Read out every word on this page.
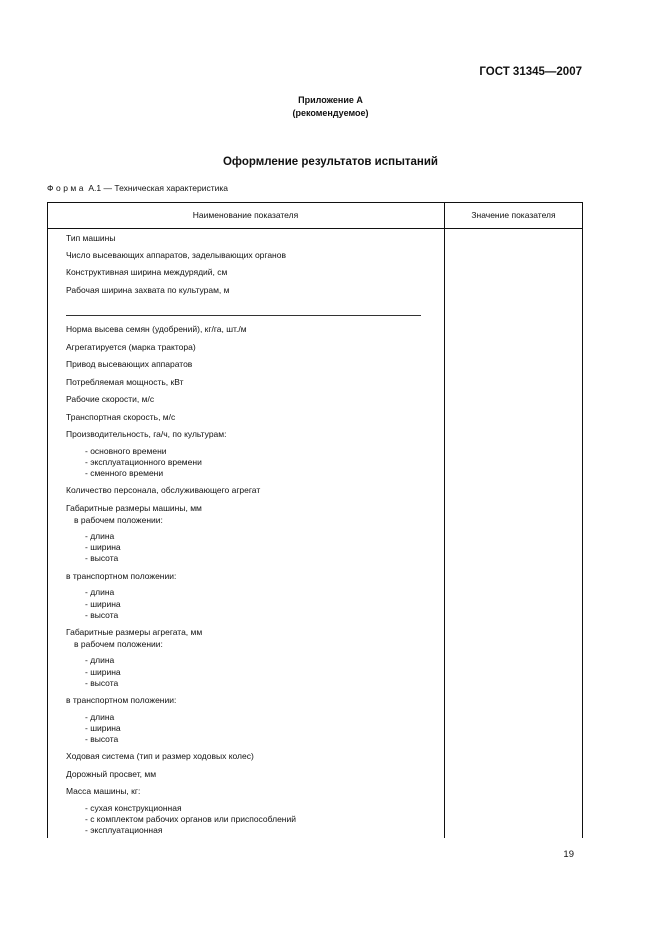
ГОСТ 31345—2007
Приложение А
(рекомендуемое)
Оформление результатов испытаний
Форма А.1 — Техническая характеристика
Наименование показателя	Значение показателя
Тип машины
Число высевающих аппаратов, заделывающих органов
Конструктивная ширина междурядий, см
Рабочая ширина захвата по культурам, м
Норма высева семян (удобрений), кг/га, шт./м
Агрегатируется (марка трактора)
Привод высевающих аппаратов
Потребляемая мощность, кВт
Рабочие скорости, м/с
Транспортная скорость, м/с
Производительность, га/ч, по культурам:
- основного времени
- эксплуатационного времени
- сменного времени
Количество персонала, обслуживающего агрегат
Габаритные размеры машины, мм
в рабочем положении:
- длина
- ширина
- высота
в транспортном положении:
- длина
- ширина
- высота
Габаритные размеры агрегата, мм
в рабочем положении:
- длина
- ширина
- высота
в транспортном положении:
- длина
- ширина
- высота
Ходовая система (тип и размер ходовых колес)
Дорожный просвет, мм
Масса машины, кг:
- сухая конструкционная
- с комплектом рабочих органов или приспособлений
- эксплуатационная
19
